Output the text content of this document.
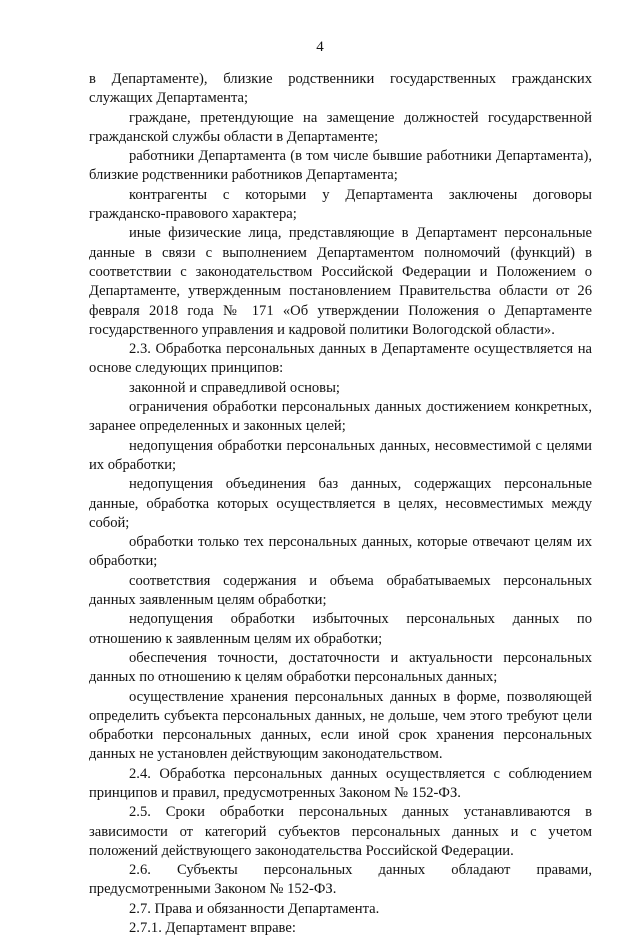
4

в Департаменте), близкие родственники государственных гражданских служащих Департамента;

граждане, претендующие на замещение должностей государственной гражданской службы области в Департаменте;

работники Департамента (в том числе бывшие работники Департамента), близкие родственники работников Департамента;

контрагенты с которыми у Департамента заключены договоры гражданско-правового характера;

иные физические лица, представляющие в Департамент персональные данные в связи с выполнением Департаментом полномочий (функций) в соответствии с законодательством Российской Федерации и Положением о Департаменте, утвержденным постановлением Правительства области от 26 февраля 2018 года № 171 «Об утверждении Положения о Департаменте государственного управления и кадровой политики Вологодской области».

2.3. Обработка персональных данных в Департаменте осуществляется на основе следующих принципов:

законной и справедливой основы;

ограничения обработки персональных данных достижением конкретных, заранее определенных и законных целей;

недопущения обработки персональных данных, несовместимой с целями их обработки;

недопущения объединения баз данных, содержащих персональные данные, обработка которых осуществляется в целях, несовместимых между собой;

обработки только тех персональных данных, которые отвечают целям их обработки;

соответствия содержания и объема обрабатываемых персональных данных заявленным целям обработки;

недопущения обработки избыточных персональных данных по отношению к заявленным целям их обработки;

обеспечения точности, достаточности и актуальности персональных данных по отношению к целям обработки персональных данных;

осуществление хранения персональных данных в форме, позволяющей определить субъекта персональных данных, не дольше, чем этого требуют цели обработки персональных данных, если иной срок хранения персональных данных не установлен действующим законодательством.

2.4. Обработка персональных данных осуществляется с соблюдением принципов и правил, предусмотренных Законом № 152-ФЗ.

2.5. Сроки обработки персональных данных устанавливаются в зависимости от категорий субъектов персональных данных и с учетом положений действующего законодательства Российской Федерации.

2.6. Субъекты персональных данных обладают правами, предусмотренными Законом № 152-ФЗ.

2.7. Права и обязанности Департамента.

2.7.1. Департамент вправе:
